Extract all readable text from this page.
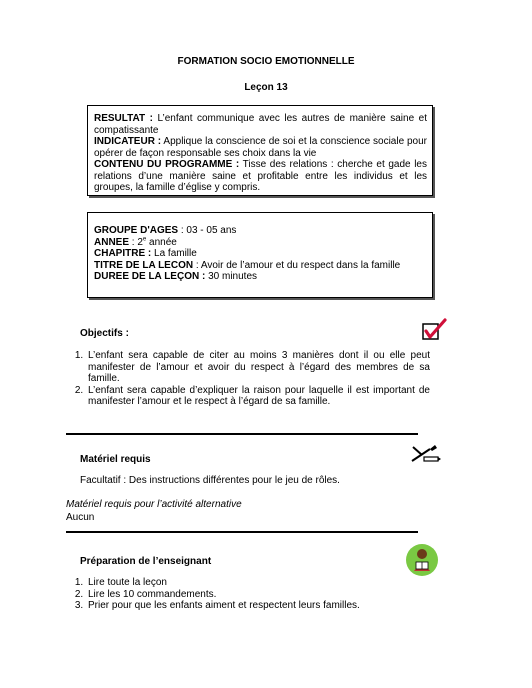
FORMATION SOCIO EMOTIONNELLE
Leçon 13
RESULTAT : L’enfant communique avec les autres de manière saine et compatissante
INDICATEUR : Applique la conscience de soi et la conscience sociale pour opérer de façon responsable ses choix dans la vie
CONTENU DU PROGRAMME : Tisse des relations : cherche et gade les relations d’une manière saine et profitable entre les individus et les groupes, la famille d’église y compris.
GROUPE D'AGES : 03 - 05 ans
ANNEE : 2e année
CHAPITRE : La famille
TITRE DE LA LECON : Avoir de l’amour et du respect dans la famille
DUREE DE LA LEÇON : 30 minutes
Objectifs :
1. L’enfant sera capable de citer au moins 3 manières dont il ou elle peut manifester de l’amour et avoir du respect à l’égard des membres de sa famille.
2. L’enfant sera capable d’expliquer la raison pour laquelle il est important de manifester l’amour et le respect à l’égard de sa famille.
Matériel requis
Facultatif : Des instructions différentes pour le jeu de rôles.
Matériel requis pour l’activité alternative
Aucun
Préparation de l’enseignant
1. Lire toute la leçon
2. Lire les 10 commandements.
3. Prier pour que les enfants aiment et respectent leurs familles.
